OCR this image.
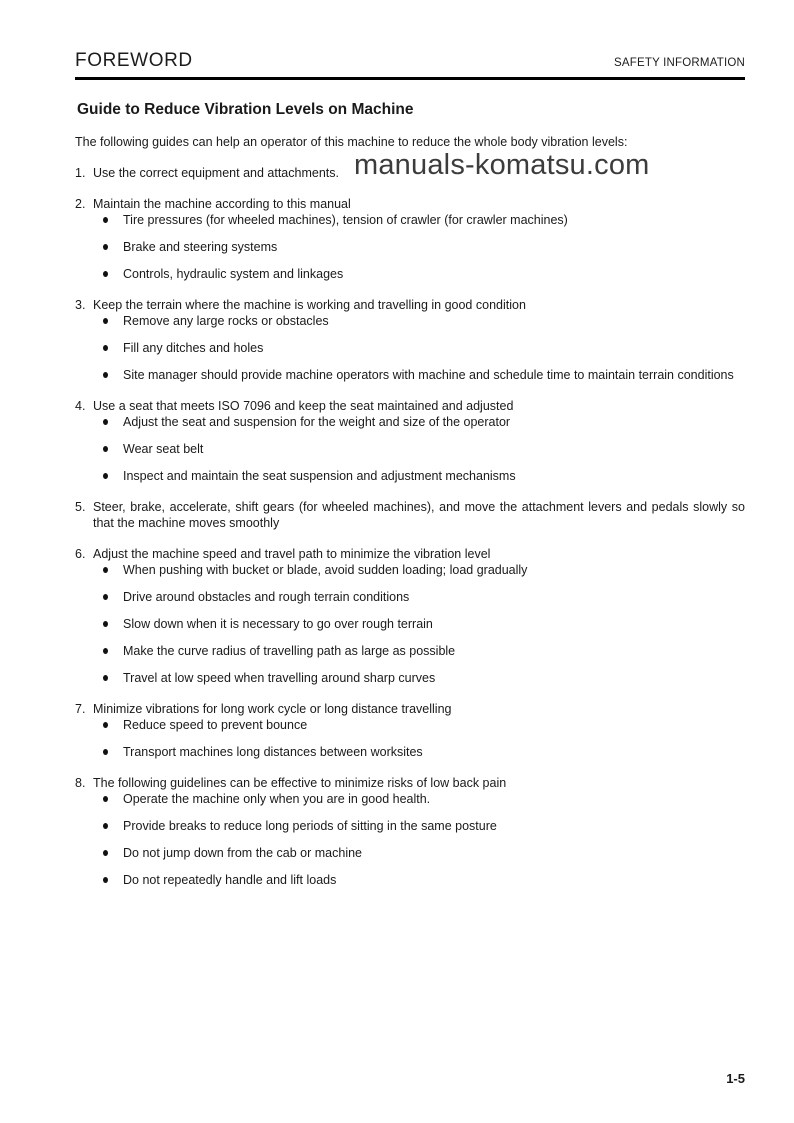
manuals-komatsu.com
FOREWORD	SAFETY INFORMATION
Guide to Reduce Vibration Levels on Machine

The following guides can help an operator of this machine to reduce the whole body vibration levels:

1. Use the correct equipment and attachments.
2. Maintain the machine according to this manual
Tire pressures (for wheeled machines), tension of crawler (for crawler machines)
Brake and steering systems
Controls, hydraulic system and linkages
3. Keep the terrain where the machine is working and travelling in good condition
Remove any large rocks or obstacles
Fill any ditches and holes
Site manager should provide machine operators with machine and schedule time to maintain terrain conditions
4. Use a seat that meets ISO 7096 and keep the seat maintained and adjusted
Adjust the seat and suspension for the weight and size of the operator
Wear seat belt
Inspect and maintain the seat suspension and adjustment mechanisms
5. Steer, brake, accelerate, shift gears (for wheeled machines), and move the attachment levers and pedals slowly so that the machine moves smoothly
6. Adjust the machine speed and travel path to minimize the vibration level
When pushing with bucket or blade, avoid sudden loading; load gradually
Drive around obstacles and rough terrain conditions
Slow down when it is necessary to go over rough terrain
Make the curve radius of travelling path as large as possible
Travel at low speed when travelling around sharp curves
7. Minimize vibrations for long work cycle or long distance travelling
Reduce speed to prevent bounce
Transport machines long distances between worksites
8. The following guidelines can be effective to minimize risks of low back pain
Operate the machine only when you are in good health.
Provide breaks to reduce long periods of sitting in the same posture
Do not jump down from the cab or machine
Do not repeatedly handle and lift loads
1-5
